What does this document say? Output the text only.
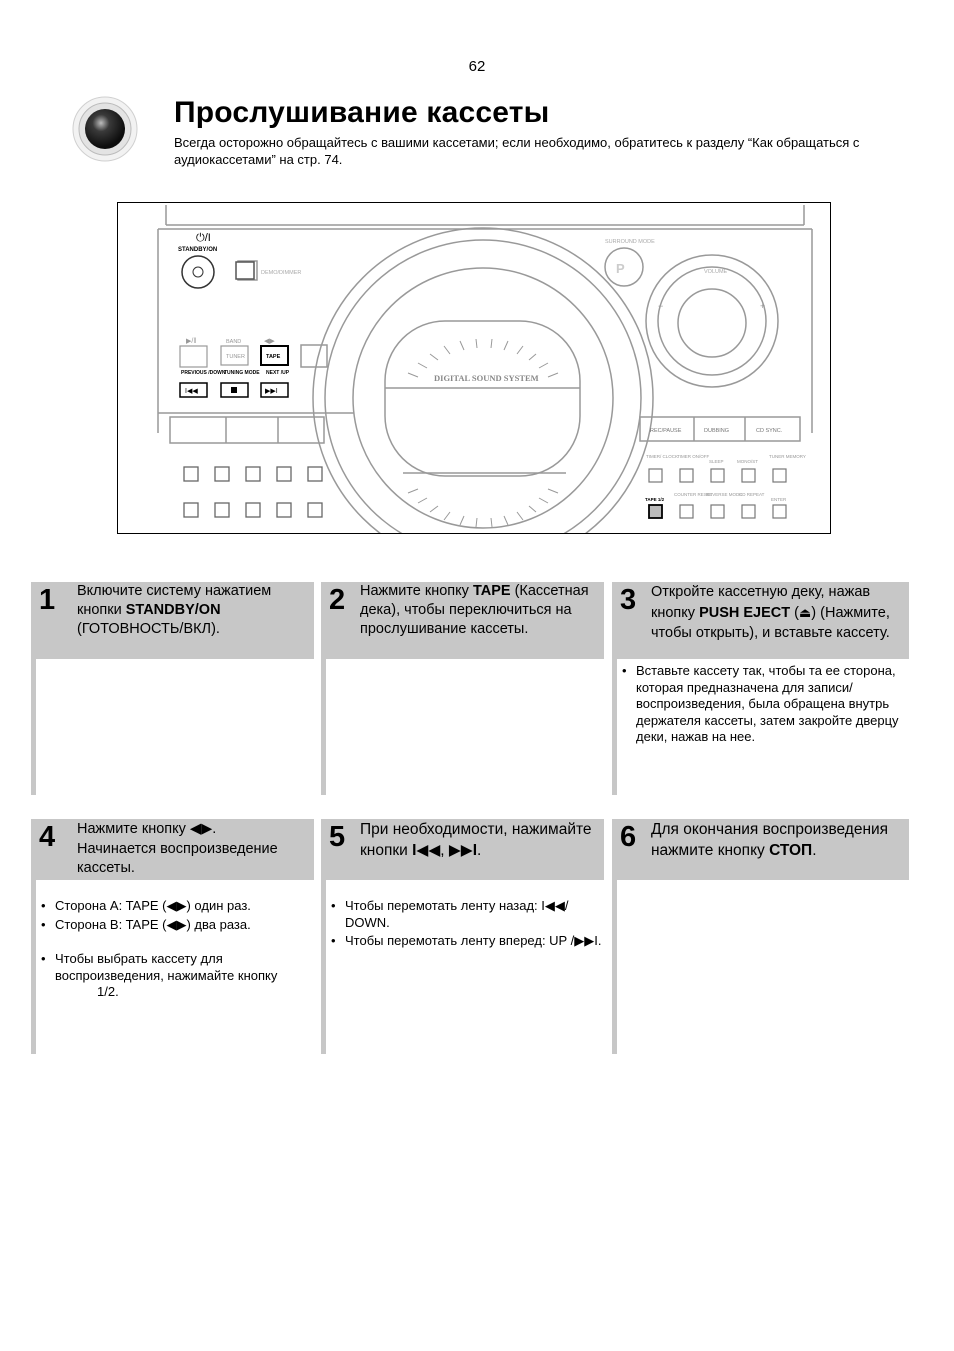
62
Прослушивание кассеты
Всегда осторожно обращайтесь с вашими кассетами; если необходимо, обратитесь к разделу “Как обращаться с аудиокассетами” на стр. 74.
⏻/I
STANDBY/ON
DEMO/DIMMER
SURROUND MODE
P	VOLUME
−	+
▶/‖	BAND	◀▶
TUNER	TAPE
PREVIOUS /DOWN
TUNING MODE NEXT /UP
I◀◀	▶▶I
DIGITAL SOUND SYSTEM
REC/PAUSE	DUBBING	CD SYNC.
TIMER/ CLOCK
TIMER ON/OFF
SLEEP	MONO/ST
TUNER MEMORY
TAPE 1/2
COUNTER RESET
REVERSE MODE
CD REPEAT
ENTER
1 Включите систему нажатием кнопки STANDBY/ON (ГОТОВНОСТЬ/ВКЛ).
2 Нажмите кнопку TAPE (Кассетная дека), чтобы переключиться на прослушивание кассеты.
3 Откройте кассетную деку, нажав кнопку PUSH EJECT (⏏) (Нажмите, чтобы открыть), и вставьте кассету.
• Вставьте кассету так, чтобы та ее сторона, которая предназначена для записи/воспроизведения, была обращена внутрь держателя кассеты, затем закройте дверцу деки, нажав на нее.
4 Нажмите кнопку ◀▶.
Начинается воспроизведение кассеты.
• Сторона A: TAPE (◀▶) один раз.
• Сторона B: TAPE (◀▶) два раза.
• Чтобы выбрать кассету для воспроизведения, нажимайте кнопку
1/2.
5 При необходимости, нажимайте кнопки I◀◀, ▶▶I.
• Чтобы перемотать ленту назад: I◀◀/ DOWN.
• Чтобы перемотать ленту вперед: UP /▶▶I.
6 Для окончания воспроизведения нажмите кнопку СТОП.
